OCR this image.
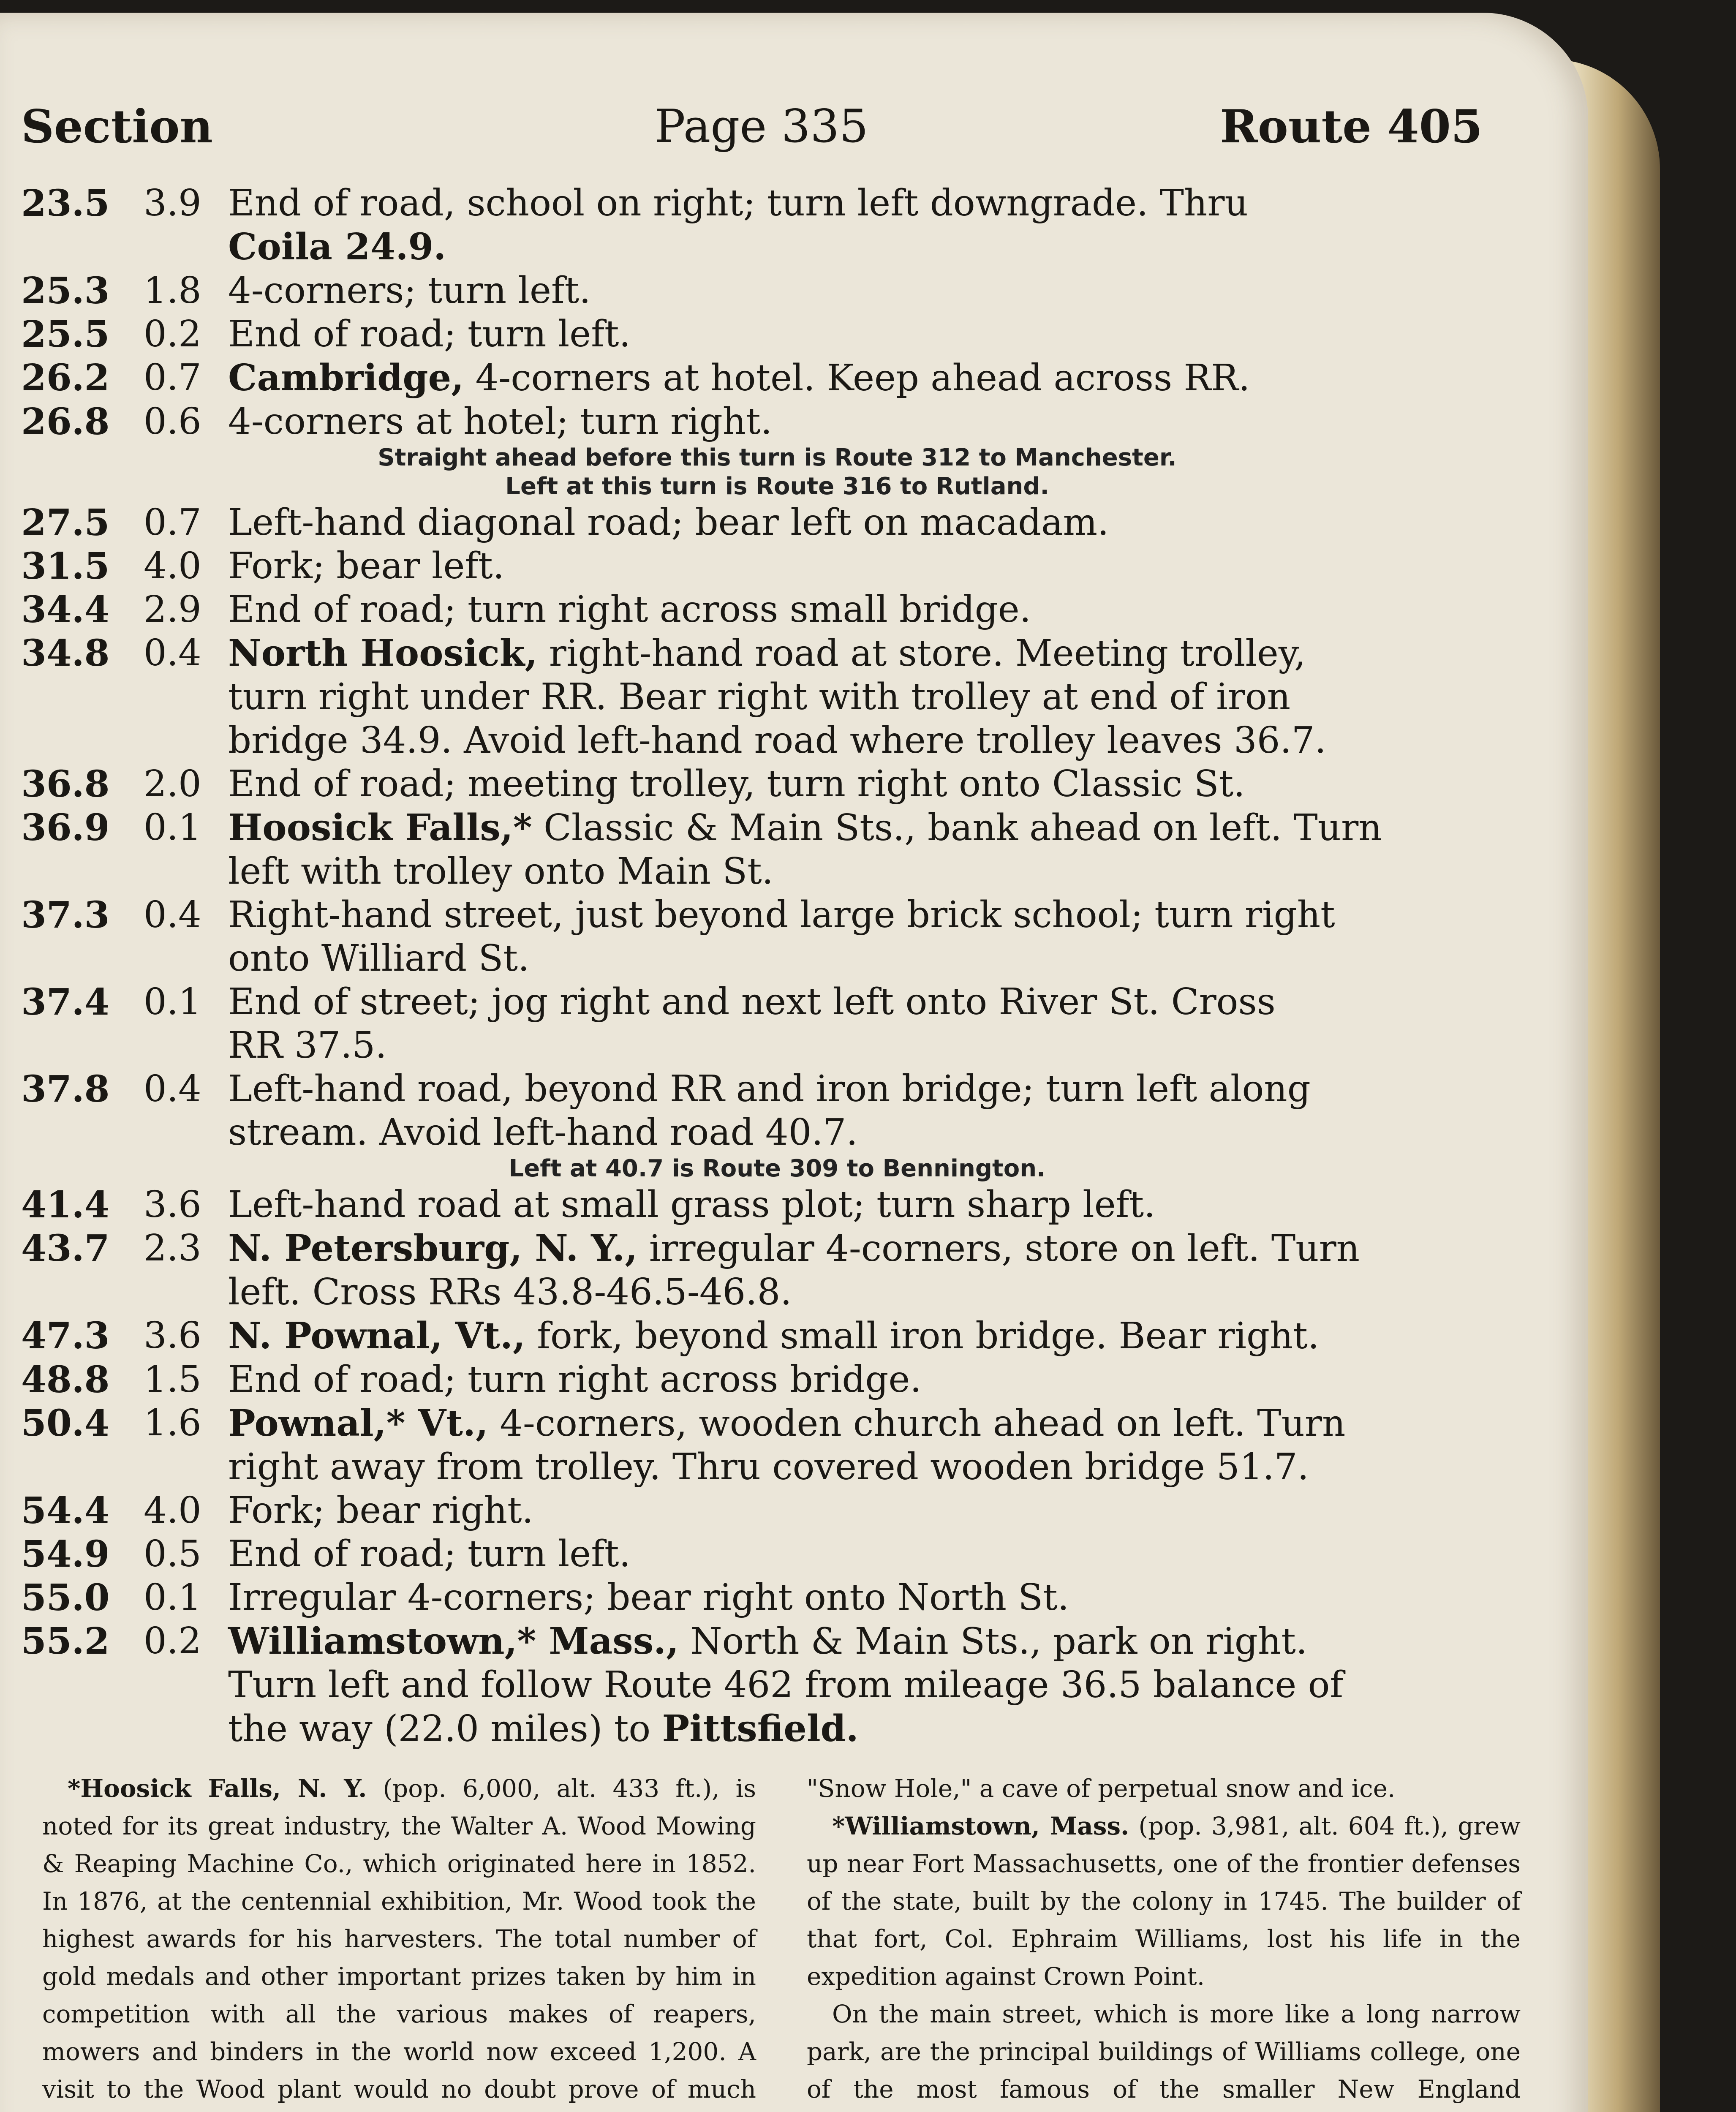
Section	Page 335	Route 405
23.5 3.9 End of road, school on right; turn left downgrade. Thru
Coila 24.9.
25.3 1.8 4-corners; turn left.
25.5 0.2 End of road; turn left.
26.2 0.7 Cambridge, 4-corners at hotel. Keep ahead across RR.
26.8 0.6 4-corners at hotel; turn right.
Straight ahead before this turn is Route 312 to Manchester.
Left at this turn is Route 316 to Rutland.
27.5 0.7 Left-hand diagonal road; bear left on macadam.
31.5 4.0 Fork; bear left.
34.4 2.9 End of road; turn right across small bridge.
34.8 0.4 North Hoosick, right-hand road at store. Meeting trolley,
turn right under RR. Bear right with trolley at end of iron
bridge 34.9. Avoid left-hand road where trolley leaves 36.7.
36.8 2.0 End of road; meeting trolley, turn right onto Classic St.
36.9 0.1 Hoosick Falls,* Classic & Main Sts., bank ahead on left. Turn
left with trolley onto Main St.
37.3 0.4 Right-hand street, just beyond large brick school; turn right
onto Williard St.
37.4 0.1 End of street; jog right and next left onto River St. Cross
RR 37.5.
37.8 0.4 Left-hand road, beyond RR and iron bridge; turn left along
stream. Avoid left-hand road 40.7.
Left at 40.7 is Route 309 to Bennington.
41.4 3.6 Left-hand road at small grass plot; turn sharp left.
43.7 2.3 N. Petersburg, N. Y., irregular 4-corners, store on left. Turn
left. Cross RRs 43.8-46.5-46.8.
47.3 3.6 N. Pownal, Vt., fork, beyond small iron bridge. Bear right.
48.8 1.5 End of road; turn right across bridge.
50.4 1.6 Pownal,* Vt., 4-corners, wooden church ahead on left. Turn
right away from trolley. Thru covered wooden bridge 51.7.
54.4 4.0 Fork; bear right.
54.9 0.5 End of road; turn left.
55.0 0.1 Irregular 4-corners; bear right onto North St.
55.2 0.2 Williamstown,* Mass., North & Main Sts., park on right.
Turn left and follow Route 462 from mileage 36.5 balance of
the way (22.0 miles) to Pittsfield.

*Hoosick Falls, N. Y. (pop. 6,000, alt. 433 ft.), is noted for its great industry, the Walter A. Wood Mowing & Reaping Machine Co., which originated here in 1852. In 1876, at the centennial exhibition, Mr. Wood took the highest awards for his harvesters. The total number of gold medals and other important prizes taken by him in competition with all the various makes of reapers, mowers and binders in the world now exceed 1,200. A visit to the Wood plant would no doubt prove of much

"Snow Hole," a cave of perpetual snow and ice.

*Williamstown, Mass. (pop. 3,981, alt. 604 ft.), grew up near Fort Massachusetts, one of the frontier defenses of the state, built by the colony in 1745. The builder of that fort, Col. Ephraim Williams, lost his life in the expedition against Crown Point.

On the main street, which is more like a long narrow park, are the principal buildings of Williams college, one of the most famous of the smaller New England
